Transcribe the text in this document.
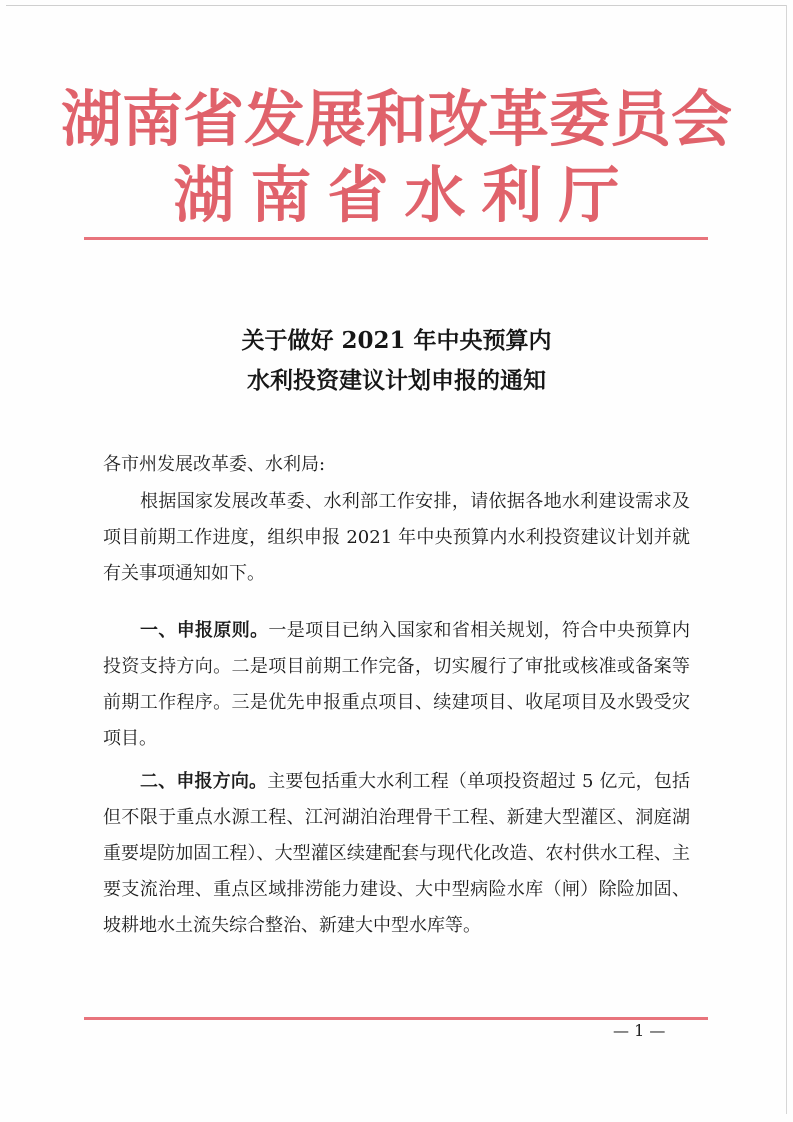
湖南省发展和改革委员会
湖南省水利厅
关于做好 2021 年中央预算内
水利投资建议计划申报的通知
各市州发展改革委、水利局:
根据国家发展改革委、水利部工作安排，请依据各地水利建设需求及项目前期工作进度，组织申报 2021 年中央预算内水利投资建议计划并就有关事项通知如下。
一、申报原则。一是项目已纳入国家和省相关规划，符合中央预算内投资支持方向。二是项目前期工作完备，切实履行了审批或核准或备案等前期工作程序。三是优先申报重点项目、续建项目、收尾项目及水毁受灾项目。
二、申报方向。主要包括重大水利工程（单项投资超过 5 亿元，包括但不限于重点水源工程、江河湖泊治理骨干工程、新建大型灌区、洞庭湖重要堤防加固工程）、大型灌区续建配套与现代化改造、农村供水工程、主要支流治理、重点区域排涝能力建设、大中型病险水库（闸）除险加固、坡耕地水土流失综合整治、新建大中型水库等。
— 1 —
